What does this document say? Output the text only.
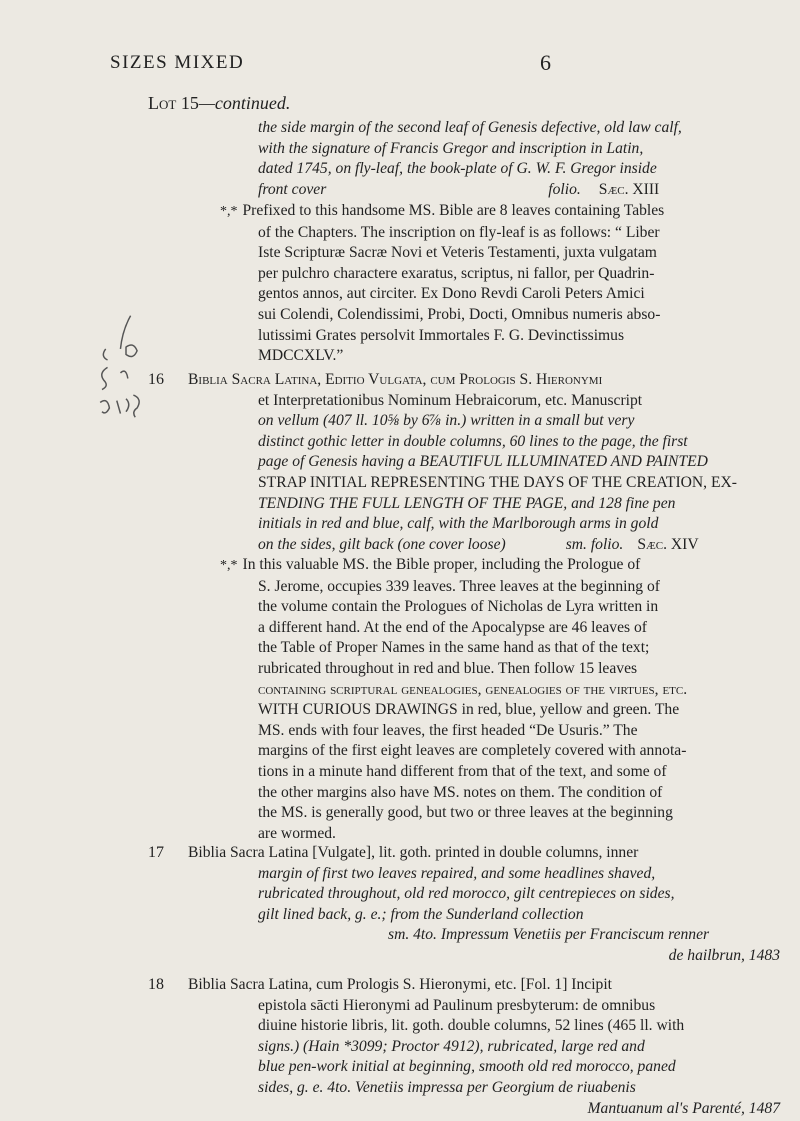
SIZES MIXED	6
Lot 15—continued.
the side margin of the second leaf of Genesis defective, old law calf,
with the signature of Francis Gregor and inscription in Latin,
dated 1745, on fly-leaf, the book-plate of G. W. F. Gregor inside
front cover	folio. Sæc. XIII
*,* Prefixed to this handsome MS. Bible are 8 leaves containing Tables
of the Chapters. The inscription on fly-leaf is as follows: “ Liber
Iste Scripturæ Sacræ Novi et Veteris Testamenti, juxta vulgatam
per pulchro charactere exaratus, scriptus, ni fallor, per Quadrin-
gentos annos, aut circiter. Ex Dono Revdi Caroli Peters Amici
sui Colendi, Colendissimi, Probi, Docti, Omnibus numeris abso-
lutissimi Grates persolvit Immortales F. G. Devinctissimus
MDCCXLV.”
16 Biblia Sacra Latina, Editio Vulgata, cum Prologis S. Hieronymi
et Interpretationibus Nominum Hebraicorum, etc. Manuscript
on vellum (407 ll. 10⅝ by 6⅞ in.) written in a small but very
distinct gothic letter in double columns, 60 lines to the page, the first
page of Genesis having a BEAUTIFUL ILLUMINATED AND PAINTED
STRAP INITIAL REPRESENTING THE DAYS OF THE CREATION, EX-
TENDING THE FULL LENGTH OF THE PAGE, and 128 fine pen
initials in red and blue, calf, with the Marlborough arms in gold
on the sides, gilt back (one cover loose)	sm. folio. Sæc. XIV
*,* In this valuable MS. the Bible proper, including the Prologue of
S. Jerome, occupies 339 leaves. Three leaves at the beginning of
the volume contain the Prologues of Nicholas de Lyra written in
a different hand. At the end of the Apocalypse are 46 leaves of
the Table of Proper Names in the same hand as that of the text;
rubricated throughout in red and blue. Then follow 15 leaves
containing scriptural genealogies, genealogies of the virtues, etc.
WITH CURIOUS DRAWINGS in red, blue, yellow and green. The
MS. ends with four leaves, the first headed “De Usuris.” The
margins of the first eight leaves are completely covered with annota-
tions in a minute hand different from that of the text, and some of
the other margins also have MS. notes on them. The condition of
the MS. is generally good, but two or three leaves at the beginning
are wormed.
17 Biblia Sacra Latina [Vulgate], lit. goth. printed in double columns, inner
margin of first two leaves repaired, and some headlines shaved,
rubricated throughout, old red morocco, gilt centrepieces on sides,
gilt lined back, g. e.; from the Sunderland collection
sm. 4to. Impressum Venetiis per Franciscum renner
de hailbrun, 1483
18 Biblia Sacra Latina, cum Prologis S. Hieronymi, etc. [Fol. 1] Incipit
epistola sācti Hieronymi ad Paulinum presbyterum: de omnibus
diuine historie libris, lit. goth. double columns, 52 lines (465 ll. with
signs.) (Hain *3099; Proctor 4912), rubricated, large red and
blue pen-work initial at beginning, smooth old red morocco, paned
sides, g. e. 4to. Venetiis impressa per Georgium de riuabenis
Mantuanum al's Parenté, 1487
